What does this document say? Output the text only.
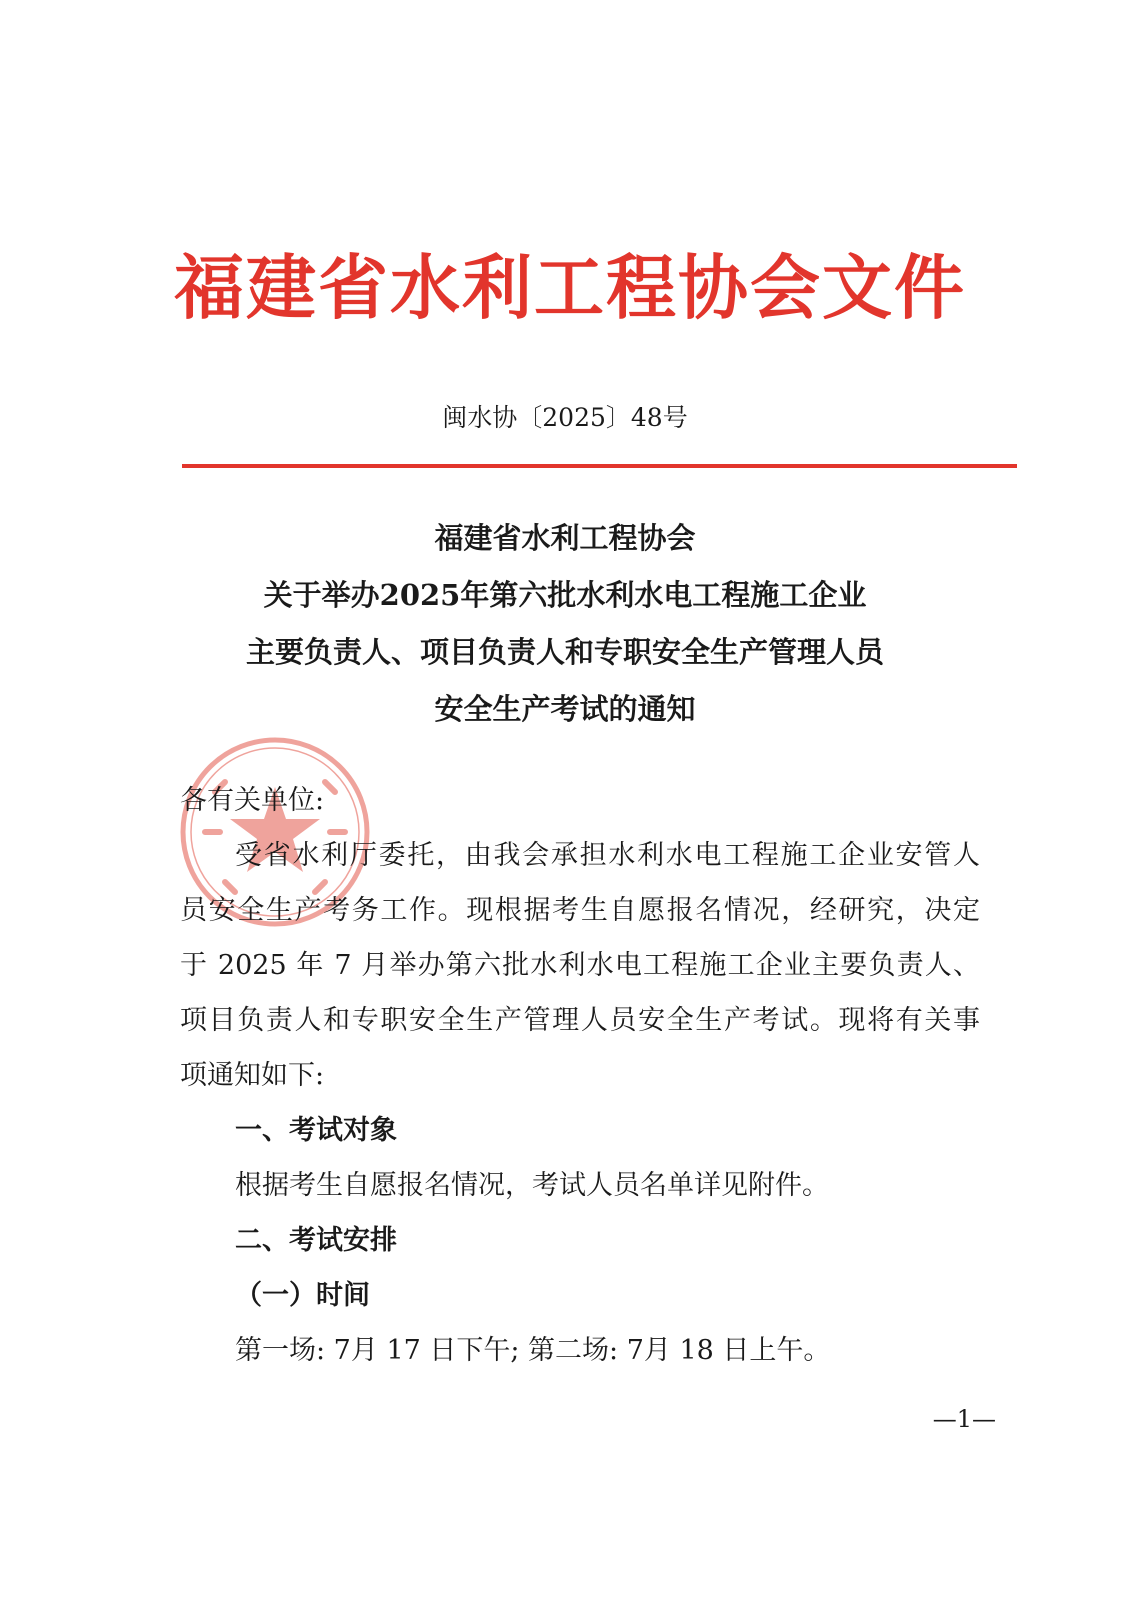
福建省水利工程协会文件
闽水协〔2025〕48号
福建省水利工程协会
关于举办2025年第六批水利水电工程施工企业
主要负责人、项目负责人和专职安全生产管理人员
安全生产考试的通知
各有关单位:
受省水利厅委托，由我会承担水利水电工程施工企业安管人
员安全生产考务工作。现根据考生自愿报名情况，经研究，决定
于 2025 年 7 月举办第六批水利水电工程施工企业主要负责人、
项目负责人和专职安全生产管理人员安全生产考试。现将有关事
项通知如下:
一、考试对象
根据考生自愿报名情况，考试人员名单详见附件。
二、考试安排
（一）时间
第一场: 7月 17 日下午; 第二场: 7月 18 日上午。
—1—
